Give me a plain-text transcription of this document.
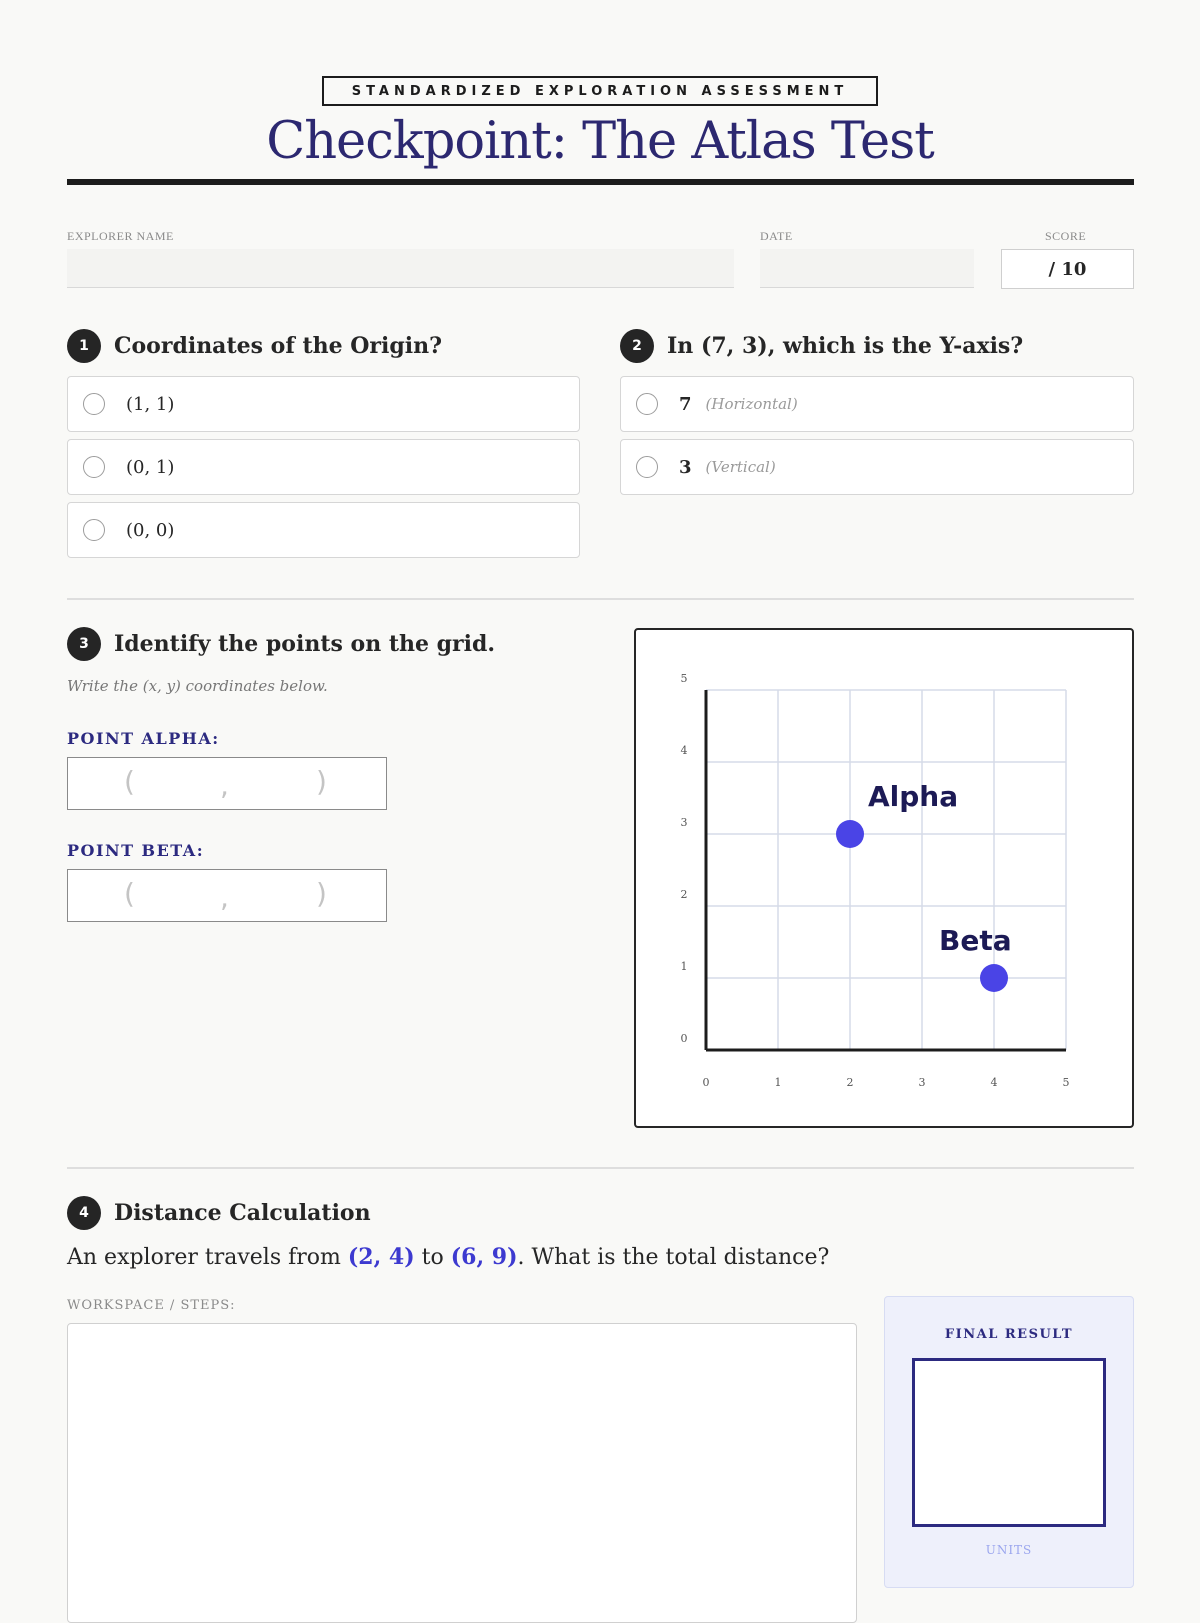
STANDARDIZED EXPLORATION ASSESSMENT
Checkpoint: The Atlas Test
EXPLORER NAME	DATE	SCORE
/ 10
1	Coordinates of the Origin?
(1, 1)
(0, 1)
(0, 0)
2	In (7, 3), which is the Y-axis?
7 (Horizontal)
3 (Vertical)
3	Identify the points on the grid.
Write the (x, y) coordinates below.
POINT ALPHA:
(	,	)
POINT BETA:
(	,	)
0	1	2	3	4	5
0
1
2
3
4
5
Alpha
Beta
4	Distance Calculation
An explorer travels from (2, 4) to (6, 9). What is the total distance?
WORKSPACE / STEPS:
FINAL RESULT
UNITS
